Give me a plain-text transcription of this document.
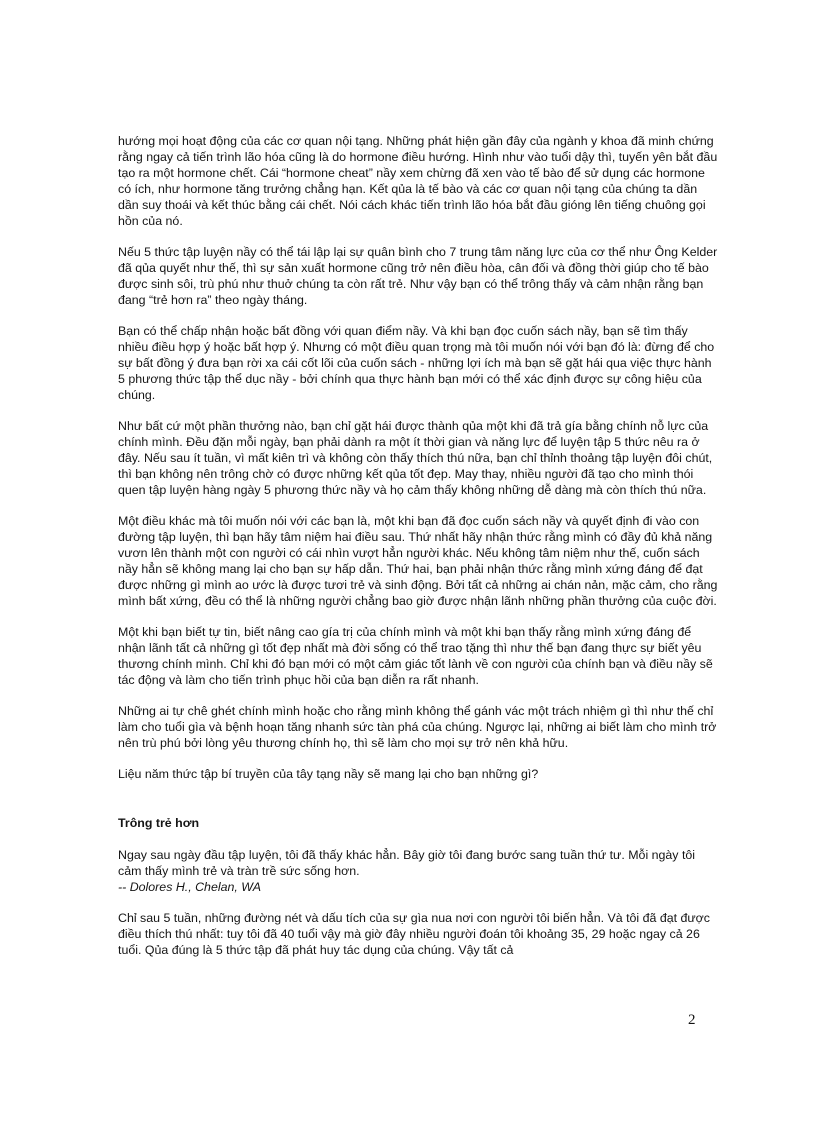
hướng mọi hoạt động của các cơ quan nội tạng. Những phát hiện gần đây của ngành y khoa đã minh chứng rằng ngay cả tiến trình lão hóa cũng là do hormone điều hướng. Hình như vào tuổi dậy thì, tuyến yên bắt đầu tạo ra một hormone chết. Cái “hormone cheat” nầy xem chừng đã xen vào tế bào để sử dụng các hormone có ích, như hormone tăng trưởng chẳng hạn. Kết qủa là tế bào và các cơ quan nội tạng của chúng ta dần dần suy thoái và kết thúc bằng cái chết. Nói cách khác tiến trình lão hóa bắt đầu gióng lên tiếng chuông gọi hồn của nó.

Nếu 5 thức tập luyện nầy có thể tái lập lại sự quân bình cho 7 trung tâm năng lực của cơ thể như Ông Kelder đã qủa quyết như thế, thì sự sản xuất hormone cũng trở nên điều hòa, cân đối và đồng thời giúp cho tế bào được sinh sôi, trù phú như thuở chúng ta còn rất trẻ. Như vậy bạn có thể trông thấy và cảm nhận rằng bạn đang “trẻ hơn ra” theo ngày tháng.

Bạn có thể chấp nhận hoặc bất đồng với quan điểm nầy. Và khi bạn đọc cuốn sách nầy, bạn sẽ tìm thấy nhiều điều hợp ý hoặc bất hợp ý. Nhưng có một điều quan trọng mà tôi muốn nói với bạn đó là: đừng để cho sự bất đồng ý đưa bạn rời xa cái cốt lõi của cuốn sách - những lợi ích mà bạn sẽ gặt hái qua việc thực hành 5 phương thức tập thể dục nầy - bởi chính qua thực hành bạn mới có thể xác định được sự công hiệu của chúng.

Như bất cứ một phần thưởng nào, bạn chỉ gặt hái được thành qủa một khi đã trả gía bằng chính nỗ lực của chính mình. Đều đặn mỗi ngày, bạn phải dành ra một ít thời gian và năng lực để luyện tập 5 thức nêu ra ở đây. Nếu sau ít tuần, vì mất kiên trì và không còn thấy thích thú nữa, bạn chỉ thỉnh thoảng tập luyện đôi chút, thì bạn không nên trông chờ có được những kết qủa tốt đẹp. May thay, nhiều người đã tạo cho mình thói quen tập luyện hàng ngày 5 phương thức nầy và họ cảm thấy không những dễ dàng mà còn thích thú nữa.

Một điều khác mà tôi muốn nói với các bạn là, một khi bạn đã đọc cuốn sách nầy và quyết định đi vào con đường tập luyện, thì bạn hãy tâm niệm hai điều sau. Thứ nhất hãy nhận thức rằng mình có đầy đủ khả năng vươn lên thành một con người có cái nhìn vượt hẳn người khác. Nếu không tâm niệm như thế, cuốn sách nầy hẳn sẽ không mang lại cho bạn sự hấp dẫn. Thứ hai, bạn phải nhận thức rằng mình xứng đáng để đạt được những gì mình ao ước là được tươi trẻ và sinh động. Bởi tất cả những ai chán nản, mặc cảm, cho rằng mình bất xứng, đều có thể là những người chẳng bao giờ được nhận lãnh những phần thưởng của cuộc đời.

Một khi bạn biết tự tin, biết nâng cao gía trị của chính mình và một khi bạn thấy rằng mình xứng đáng để nhận lãnh tất cả những gì tốt đẹp nhất mà đời sống có thể trao tặng thì như thế bạn đang thực sự biết yêu thương chính mình. Chỉ khi đó bạn mới có một cảm giác tốt lành về con người của chính bạn và điều nầy sẽ tác động và làm cho tiến trình phục hồi của bạn diễn ra rất nhanh.

Những ai tự chê ghét chính mình hoặc cho rằng mình không thể gánh vác một trách nhiệm gì thì như thế chỉ làm cho tuổi gìa và bệnh hoạn tăng nhanh sức tàn phá của chúng. Ngược lại, những ai biết làm cho mình trở nên trù phú bởi lòng yêu thương chính họ, thì sẽ làm cho mọi sự trở nên khả hữu.

Liệu năm thức tập bí truyền của tây tạng nầy sẽ mang lại cho bạn những gì?

Trông trẻ hơn

Ngay sau ngày đầu tập luyện, tôi đã thấy khác hẳn. Bây giờ tôi đang bước sang tuần thứ tư. Mỗi ngày tôi cảm thấy mình trẻ và tràn trề sức sống hơn.
-- Dolores H., Chelan, WA

Chỉ sau 5 tuần, những đường nét và dấu tích của sự gìa nua nơi con người tôi biến hẳn. Và tôi đã đạt được điều thích thú nhất: tuy tôi đã 40 tuổi vậy mà giờ đây nhiều người đoán tôi khoảng 35, 29 hoặc ngay cả 26 tuổi. Qủa đúng là 5 thức tập đã phát huy tác dụng của chúng. Vậy tất cả

2
